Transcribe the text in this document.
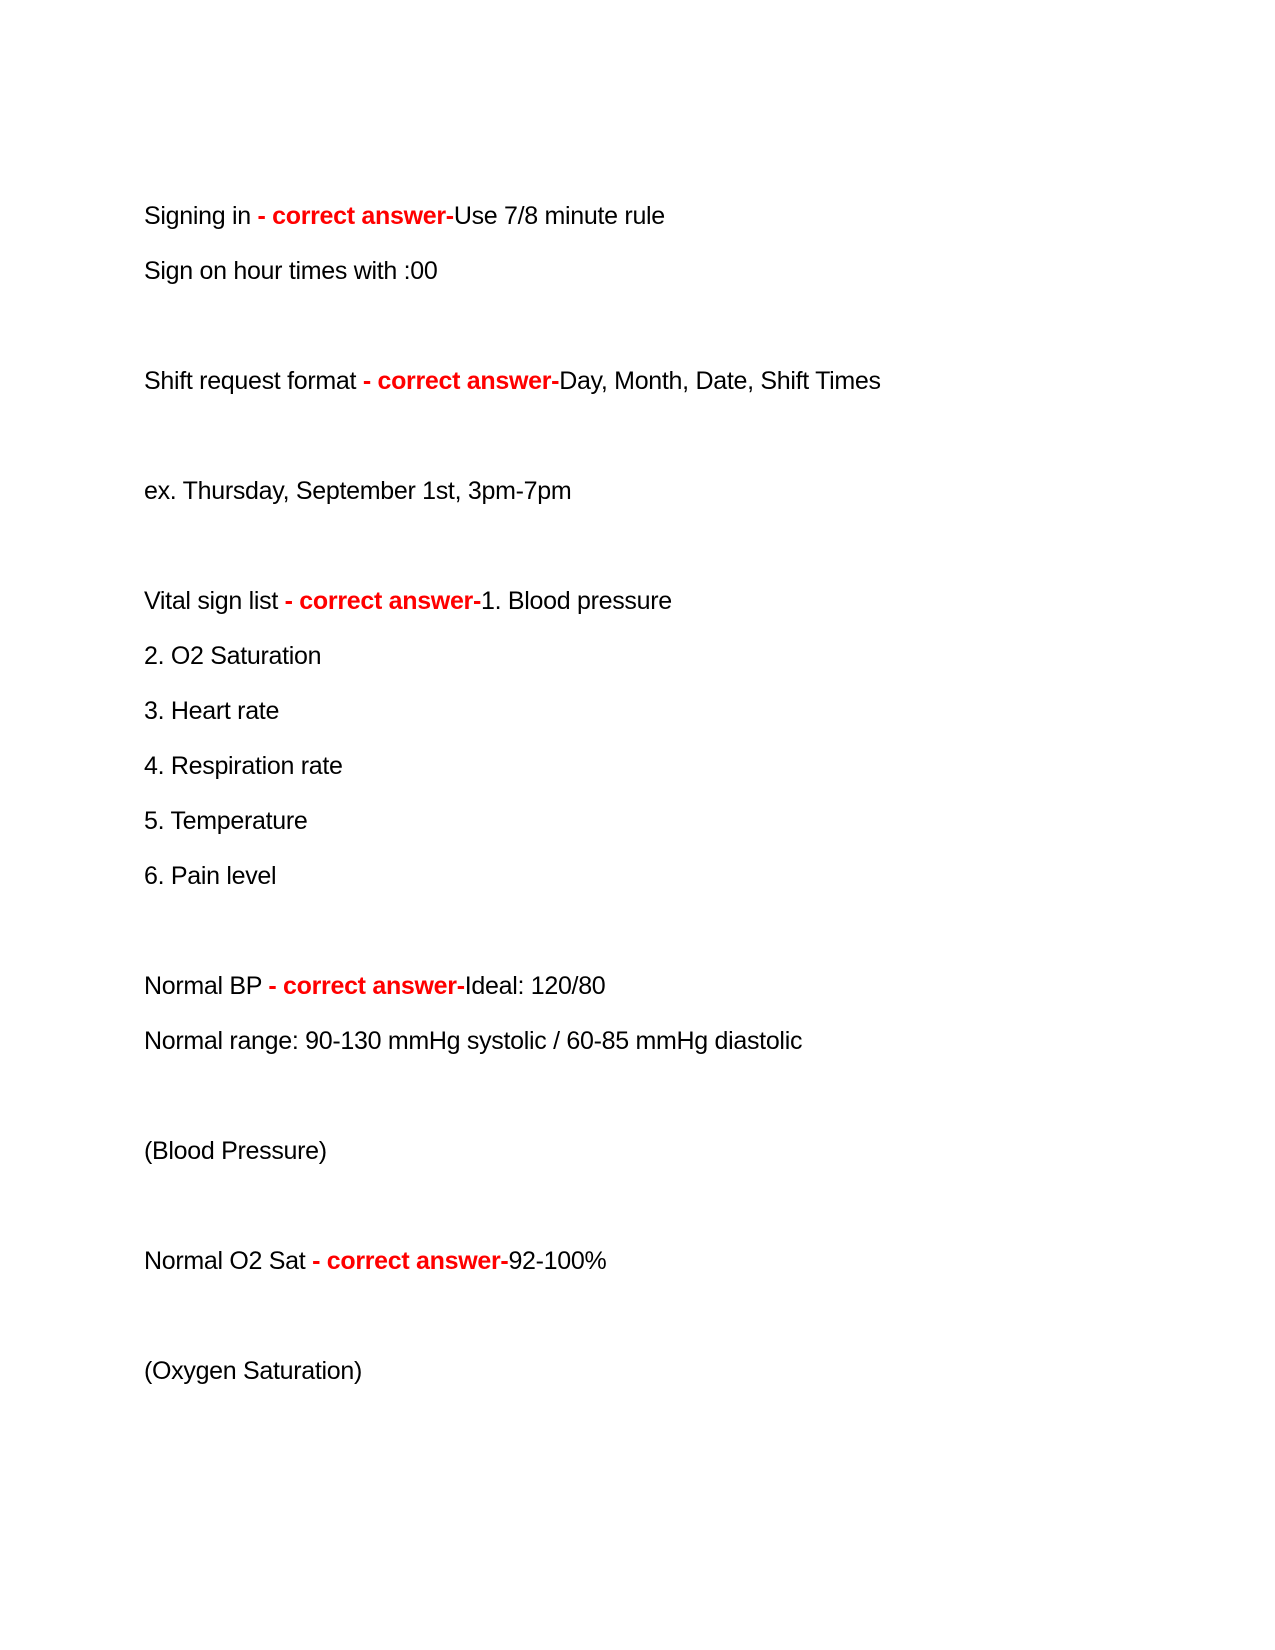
Signing in - correct answer-Use 7/8 minute rule

Sign on hour times with :00

Shift request format - correct answer-Day, Month, Date, Shift Times

ex. Thursday, September 1st, 3pm-7pm

Vital sign list - correct answer-1. Blood pressure

2. O2 Saturation

3. Heart rate

4. Respiration rate

5. Temperature

6. Pain level

Normal BP - correct answer-Ideal: 120/80

Normal range: 90-130 mmHg systolic / 60-85 mmHg diastolic

(Blood Pressure)

Normal O2 Sat - correct answer-92-100%

(Oxygen Saturation)
